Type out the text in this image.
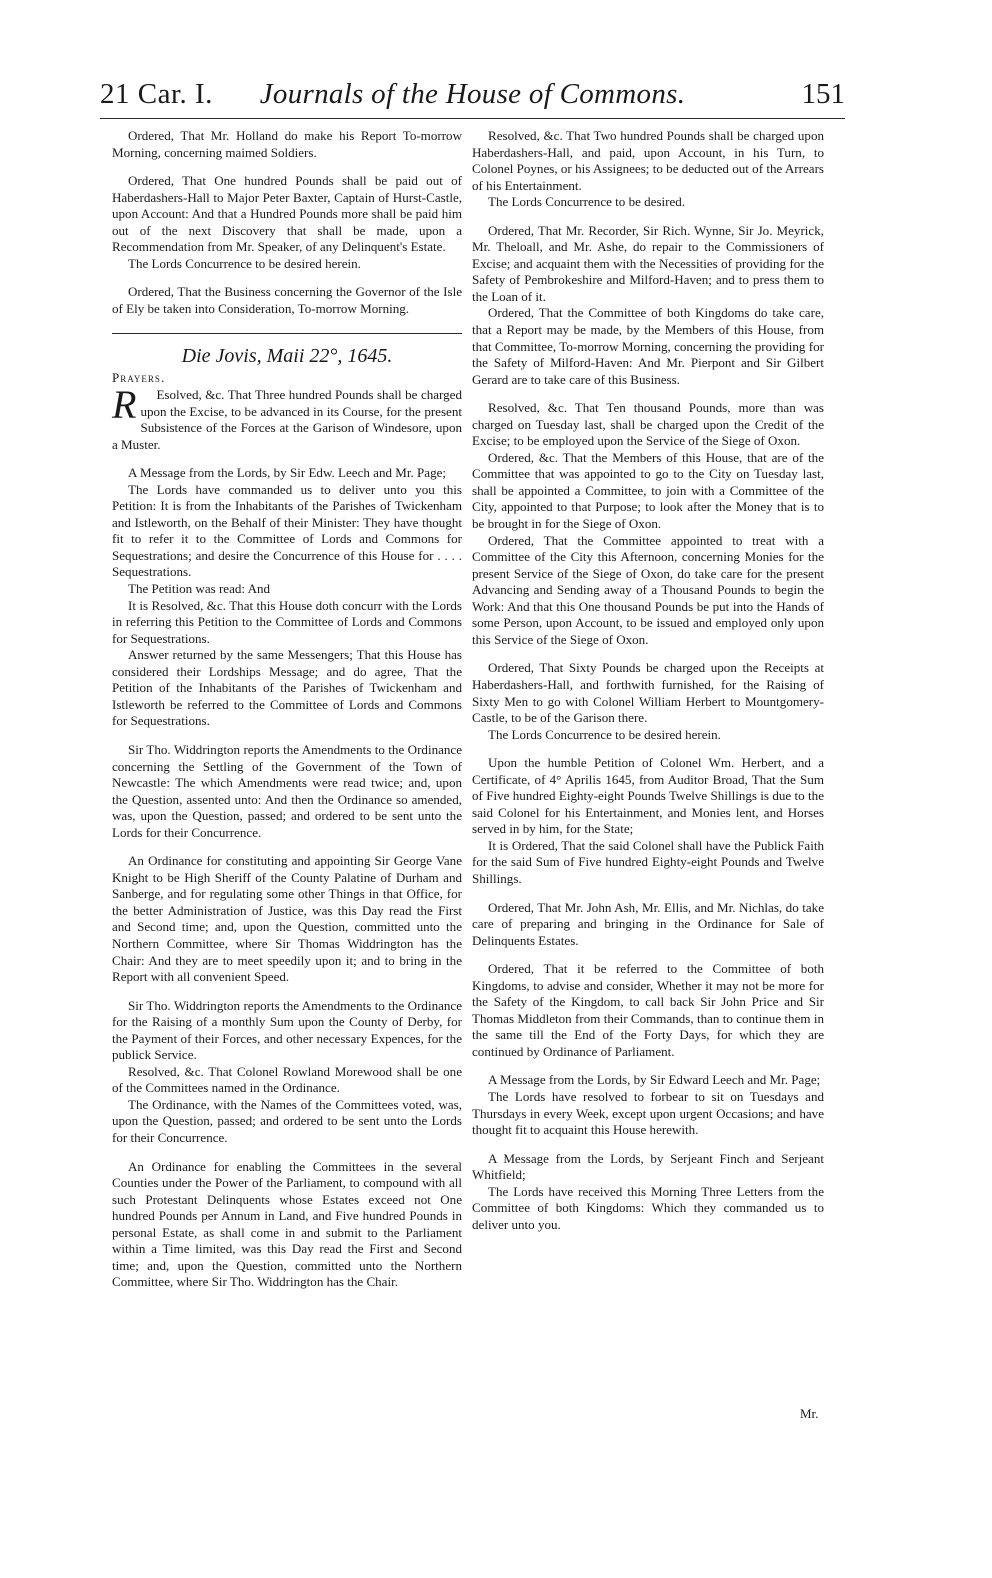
21 Car. I.	Journals of the House of Commons.	151

Ordered, That Mr. Holland do make his Report To-morrow Morning, concerning maimed Soldiers.

Ordered, That One hundred Pounds shall be paid out of Haberdashers-Hall to Major Peter Baxter, Captain of Hurst-Castle, upon Account: And that a Hundred Pounds more shall be paid him out of the next Discovery that shall be made, upon a Recommendation from Mr. Speaker, of any Delinquent's Estate.

The Lords Concurrence to be desired herein.

Ordered, That the Business concerning the Governor of the Isle of Ely be taken into Consideration, To-morrow Morning.

Die Jovis, Maii 22°, 1645.

Prayers.

R Esolved, &c. That Three hundred Pounds shall be charged upon the Excise, to be advanced in its Course, for the present Subsistence of the Forces at the Garison of Windesore, upon a Muster.

A Message from the Lords, by Sir Edw. Leech and Mr. Page;

The Lords have commanded us to deliver unto you this Petition: It is from the Inhabitants of the Parishes of Twickenham and Istleworth, on the Behalf of their Minister: They have thought fit to refer it to the Committee of Lords and Commons for Sequestrations; and desire the Concurrence of this House for . . . . Sequestrations.

The Petition was read: And

It is Resolved, &c. That this House doth concurr with the Lords in referring this Petition to the Committee of Lords and Commons for Sequestrations.

Answer returned by the same Messengers; That this House has considered their Lordships Message; and do agree, That the Petition of the Inhabitants of the Parishes of Twickenham and Istleworth be referred to the Committee of Lords and Commons for Sequestrations.

Sir Tho. Widdrington reports the Amendments to the Ordinance concerning the Settling of the Government of the Town of Newcastle: The which Amendments were read twice; and, upon the Question, assented unto: And then the Ordinance so amended, was, upon the Question, passed; and ordered to be sent unto the Lords for their Concurrence.

An Ordinance for constituting and appointing Sir George Vane Knight to be High Sheriff of the County Palatine of Durham and Sanberge, and for regulating some other Things in that Office, for the better Administration of Justice, was this Day read the First and Second time; and, upon the Question, committed unto the Northern Committee, where Sir Thomas Widdrington has the Chair: And they are to meet speedily upon it; and to bring in the Report with all convenient Speed.

Sir Tho. Widdrington reports the Amendments to the Ordinance for the Raising of a monthly Sum upon the County of Derby, for the Payment of their Forces, and other necessary Expences, for the publick Service.

Resolved, &c. That Colonel Rowland Morewood shall be one of the Committees named in the Ordinance.

The Ordinance, with the Names of the Committees voted, was, upon the Question, passed; and ordered to be sent unto the Lords for their Concurrence.

An Ordinance for enabling the Committees in the several Counties under the Power of the Parliament, to compound with all such Protestant Delinquents whose Estates exceed not One hundred Pounds per Annum in Land, and Five hundred Pounds in personal Estate, as shall come in and submit to the Parliament within a Time limited, was this Day read the First and Second time; and, upon the Question, committed unto the Northern Committee, where Sir Tho. Widdrington has the Chair.

Resolved, &c. That Two hundred Pounds shall be charged upon Haberdashers-Hall, and paid, upon Account, in his Turn, to Colonel Poynes, or his Assignees; to be deducted out of the Arrears of his Entertainment.

The Lords Concurrence to be desired.

Ordered, That Mr. Recorder, Sir Rich. Wynne, Sir Jo. Meyrick, Mr. Theloall, and Mr. Ashe, do repair to the Commissioners of Excise; and acquaint them with the Necessities of providing for the Safety of Pembrokeshire and Milford-Haven; and to press them to the Loan of it.

Ordered, That the Committee of both Kingdoms do take care, that a Report may be made, by the Members of this House, from that Committee, To-morrow Morning, concerning the providing for the Safety of Milford-Haven: And Mr. Pierpont and Sir Gilbert Gerard are to take care of this Business.

Resolved, &c. That Ten thousand Pounds, more than was charged on Tuesday last, shall be charged upon the Credit of the Excise; to be employed upon the Service of the Siege of Oxon.

Ordered, &c. That the Members of this House, that are of the Committee that was appointed to go to the City on Tuesday last, shall be appointed a Committee, to join with a Committee of the City, appointed to that Purpose; to look after the Money that is to be brought in for the Siege of Oxon.

Ordered, That the Committee appointed to treat with a Committee of the City this Afternoon, concerning Monies for the present Service of the Siege of Oxon, do take care for the present Advancing and Sending away of a Thousand Pounds to begin the Work: And that this One thousand Pounds be put into the Hands of some Person, upon Account, to be issued and employed only upon this Service of the Siege of Oxon.

Ordered, That Sixty Pounds be charged upon the Receipts at Haberdashers-Hall, and forthwith furnished, for the Raising of Sixty Men to go with Colonel William Herbert to Mountgomery-Castle, to be of the Garison there.

The Lords Concurrence to be desired herein.

Upon the humble Petition of Colonel Wm. Herbert, and a Certificate, of 4° Aprilis 1645, from Auditor Broad, That the Sum of Five hundred Eighty-eight Pounds Twelve Shillings is due to the said Colonel for his Entertainment, and Monies lent, and Horses served in by him, for the State;

It is Ordered, That the said Colonel shall have the Publick Faith for the said Sum of Five hundred Eighty-eight Pounds and Twelve Shillings.

Ordered, That Mr. John Ash, Mr. Ellis, and Mr. Nichlas, do take care of preparing and bringing in the Ordinance for Sale of Delinquents Estates.

Ordered, That it be referred to the Committee of both Kingdoms, to advise and consider, Whether it may not be more for the Safety of the Kingdom, to call back Sir John Price and Sir Thomas Middleton from their Commands, than to continue them in the same till the End of the Forty Days, for which they are continued by Ordinance of Parliament.

A Message from the Lords, by Sir Edward Leech and Mr. Page;

The Lords have resolved to forbear to sit on Tuesdays and Thursdays in every Week, except upon urgent Occasions; and have thought fit to acquaint this House herewith.

A Message from the Lords, by Serjeant Finch and Serjeant Whitfield;

The Lords have received this Morning Three Letters from the Committee of both Kingdoms: Which they commanded us to deliver unto you.

Mr.
